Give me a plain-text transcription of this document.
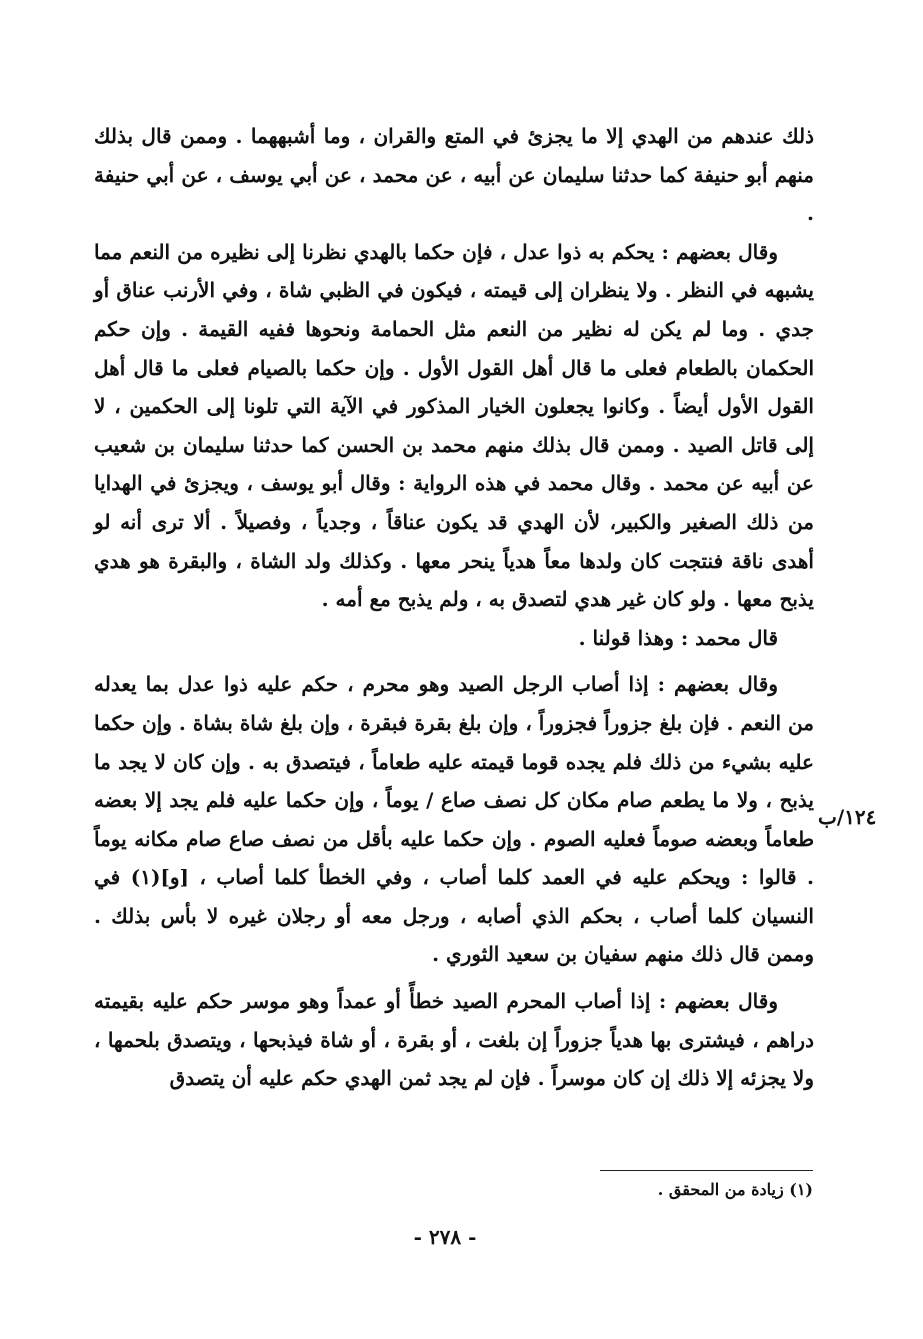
ذلك عندهم من الهدي إلا ما يجزئ في المتع والقران ، وما أشبههما . وممن قال بذلك منهم أبو حنيفة كما حدثنا سليمان عن أبيه ، عن محمد ، عن أبي يوسف ، عن أبي حنيفة .

وقال بعضهم : يحكم به ذوا عدل ، فإن حكما بالهدي نظرنا إلى نظيره من النعم مما يشبهه في النظر . ولا ينظران إلى قيمته ، فيكون في الظبي شاة ، وفي الأرنب عناق أو جدي . وما لم يكن له نظير من النعم مثل الحمامة ونحوها ففيه القيمة . وإن حكم الحكمان بالطعام فعلى ما قال أهل القول الأول . وإن حكما بالصيام فعلى ما قال أهل القول الأول أيضاً . وكانوا يجعلون الخيار المذكور في الآية التي تلونا إلى الحكمين ، لا إلى قاتل الصيد . وممن قال بذلك منهم محمد بن الحسن كما حدثنا سليمان بن شعيب عن أبيه عن محمد . وقال محمد في هذه الرواية : وقال أبو يوسف ، ويجزئ في الهدايا من ذلك الصغير والكبير، لأن الهدي قد يكون عناقاً ، وجدياً ، وفصيلاً . ألا ترى أنه لو أهدى ناقة فنتجت كان ولدها معاً هدياً ينحر معها . وكذلك ولد الشاة ، والبقرة هو هدي يذبح معها . ولو كان غير هدي لتصدق به ، ولم يذبح مع أمه .

قال محمد : وهذا قولنا .

وقال بعضهم : إذا أصاب الرجل الصيد وهو محرم ، حكم عليه ذوا عدل بما يعدله من النعم . فإن بلغ جزوراً فجزوراً ، وإن بلغ بقرة فبقرة ، وإن بلغ شاة بشاة . وإن حكما عليه بشيء من ذلك فلم يجده قوما قيمته عليه طعاماً ، فيتصدق به . وإن كان لا يجد ما يذبح ، ولا ما يطعم صام مكان كل نصف صاع / يوماً ، وإن حكما عليه فلم يجد إلا بعضه طعاماً وبعضه صوماً فعليه الصوم . وإن حكما عليه بأقل من نصف صاع صام مكانه يوماً . قالوا : ويحكم عليه في العمد كلما أصاب ، وفي الخطأ كلما أصاب ، [و](١) في النسيان كلما أصاب ، بحكم الذي أصابه ، ورجل معه أو رجلان غيره لا بأس بذلك . وممن قال ذلك منهم سفيان بن سعيد الثوري .

وقال بعضهم : إذا أصاب المحرم الصيد خطأً أو عمداً وهو موسر حكم عليه بقيمته دراهم ، فيشترى بها هدياً جزوراً إن بلغت ، أو بقرة ، أو شاة فيذبحها ، ويتصدق بلحمها ، ولا يجزئه إلا ذلك إن كان موسراً . فإن لم يجد ثمن الهدي حكم عليه أن يتصدق

١٢٤/ب
(١) زيادة من المحقق .
- ٢٧٨ -
